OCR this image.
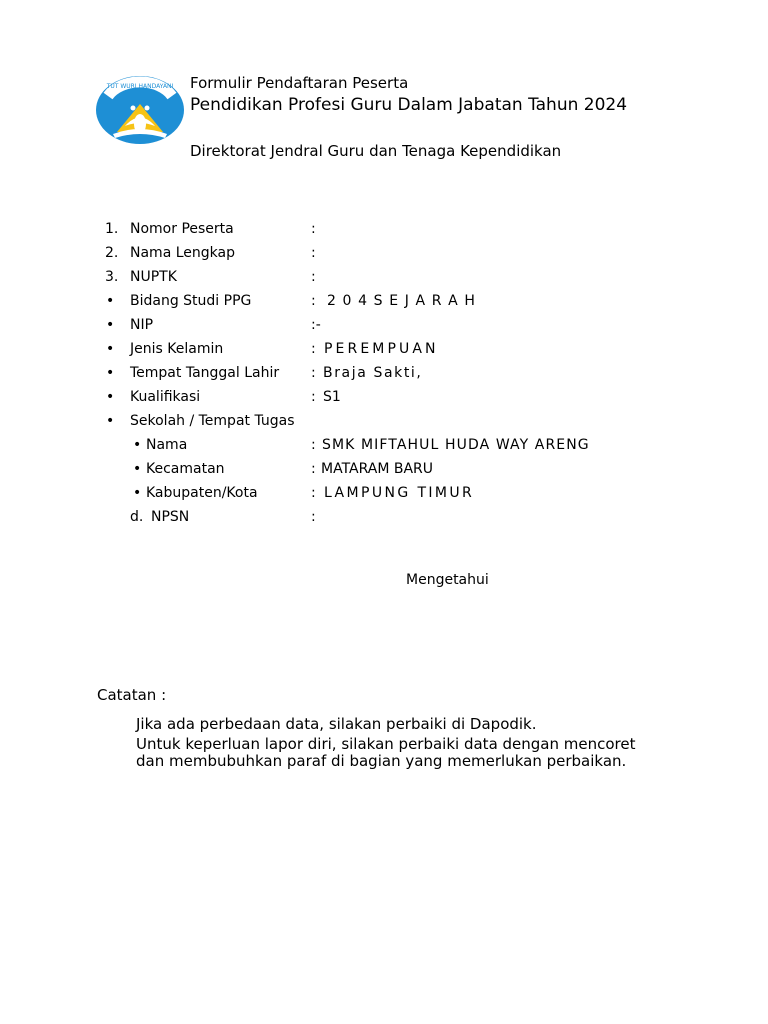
TUT WURI HANDAYANI Formulir Pendaftaran Peserta
Pendidikan Profesi Guru Dalam Jabatan Tahun 2024
Direktorat Jendral Guru dan Tenaga Kependidikan
1. Nomor Peserta	:
2. Nama Lengkap	:
3. NUPTK	:
• Bidang Studi PPG	: 2 0 4 S E J A R A H
• NIP	:-
• Jenis Kelamin	: PEREMPUAN
• Tempat Tanggal Lahir : Braja Sakti,
• Kualifikasi	: S1
• Sekolah / Tempat Tugas
• Nama	: SMK MIFTAHUL HUDA WAY ARENG
• Kecamatan	: MATARAM BARU
• Kabupaten/Kota	: LAMPUNG TIMUR
d. NPSN	:
Mengetahui
Catatan :
Jika ada perbedaan data, silakan perbaiki di Dapodik.
Untuk keperluan lapor diri, silakan perbaiki data dengan mencoret dan membubuhkan paraf di bagian yang memerlukan perbaikan.
